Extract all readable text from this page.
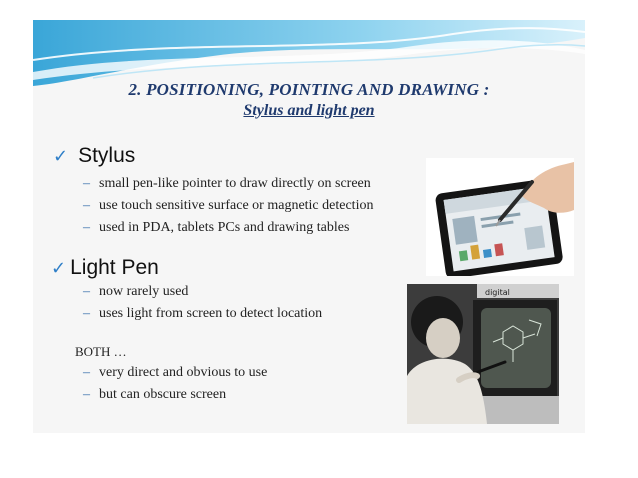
2. POSITIONING, POINTING AND DRAWING :
Stylus and light pen
✓ Stylus
– small pen-like pointer to draw directly on screen
– use touch sensitive surface or magnetic detection
– used in PDA, tablets PCs and drawing tables
✓ Light Pen
– now rarely used
– uses light from screen to detect location
BOTH …
– very direct and obvious to use
– but can obscure screen
digital
